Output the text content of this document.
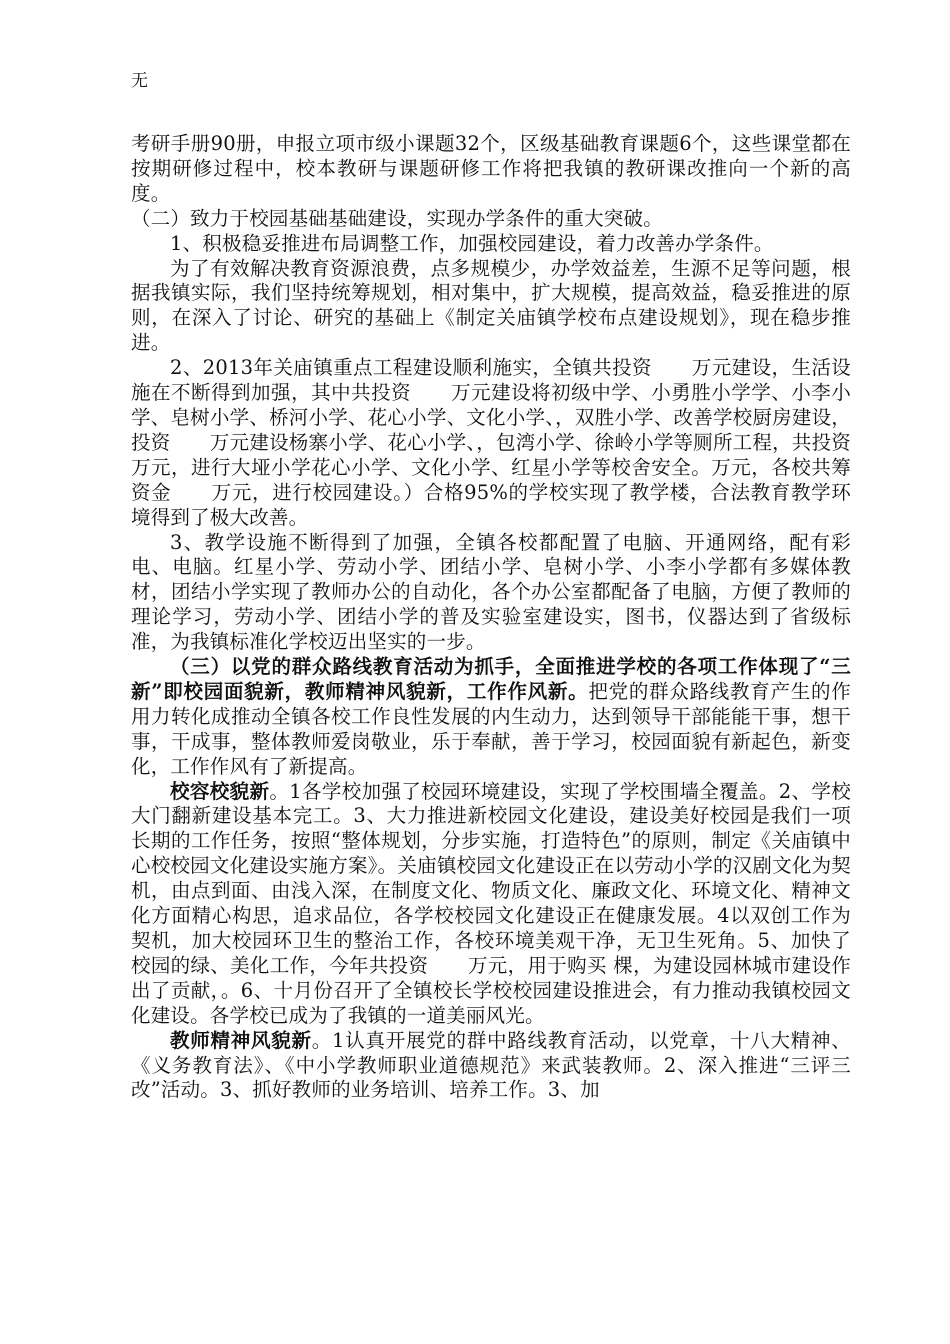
无

考研手册90册，申报立项市级小课题32个，区级基础教育课题6个，这些课堂都在按期研修过程中，校本教研与课题研修工作将把我镇的教研课改推向一个新的高度。

（二）致力于校园基础基础建设，实现办学条件的重大突破。

1、积极稳妥推进布局调整工作，加强校园建设，着力改善办学条件。

为了有效解决教育资源浪费，点多规模少，办学效益差，生源不足等问题，根据我镇实际，我们坚持统筹规划，相对集中，扩大规模，提高效益，稳妥推进的原则，在深入了讨论、研究的基础上《制定关庙镇学校布点建设规划》，现在稳步推进。

2、2013年关庙镇重点工程建设顺利施实，全镇共投资　　万元建设，生活设施在不断得到加强，其中共投资　　万元建设将初级中学、小勇胜小学学、小李小学、皂树小学、桥河小学、花心小学、文化小学、，双胜小学、改善学校厨房建设，投资　　万元建设杨寨小学、花心小学、，包湾小学、徐岭小学等厕所工程，共投资　　万元，进行大垭小学花心小学、文化小学、红星小学等校舍安全。万元，各校共筹资金　　万元，进行校园建设。）合格95%的学校实现了教学楼，合法教育教学环境得到了极大改善。

3、教学设施不断得到了加强，全镇各校都配置了电脑、开通网络，配有彩电、电脑。红星小学、劳动小学、团结小学、皂树小学、小李小学都有多媒体教材，团结小学实现了教师办公的自动化，各个办公室都配备了电脑，方便了教师的理论学习，劳动小学、团结小学的普及实验室建设实，图书，仪器达到了省级标准，为我镇标准化学校迈出坚实的一步。

（三）以党的群众路线教育活动为抓手，全面推进学校的各项工作体现了“三新”即校园面貌新，教师精神风貌新，工作作风新。把党的群众路线教育产生的作用力转化成推动全镇各校工作良性发展的内生动力，达到领导干部能能干事，想干事，干成事，整体教师爱岗敬业，乐于奉献，善于学习，校园面貌有新起色，新变化，工作作风有了新提高。

校容校貌新。1各学校加强了校园环境建设，实现了学校围墙全覆盖。2、学校大门翻新建设基本完工。3、大力推进新校园文化建设，建设美好校园是我们一项长期的工作任务，按照“整体规划，分步实施，打造特色”的原则，制定《关庙镇中心校校园文化建设实施方案》。关庙镇校园文化建设正在以劳动小学的汉剧文化为契机，由点到面、由浅入深，在制度文化、物质文化、廉政文化、环境文化、精神文化方面精心构思，追求品位，各学校校园文化建设正在健康发展。4以双创工作为契机，加大校园环卫生的整治工作，各校环境美观干净，无卫生死角。5、加快了校园的绿、美化工作，今年共投资　　万元，用于购买 棵，为建设园林城市建设作出了贡献，。6、十月份召开了全镇校长学校校园建设推进会，有力推动我镇校园文化建设。各学校已成为了我镇的一道美丽风光。

教师精神风貌新。1认真开展党的群中路线教育活动，以党章，十八大精神、《义务教育法》、《中小学教师职业道德规范》来武装教师。2、深入推进“三评三改”活动。3、抓好教师的业务培训、培养工作。3、加
